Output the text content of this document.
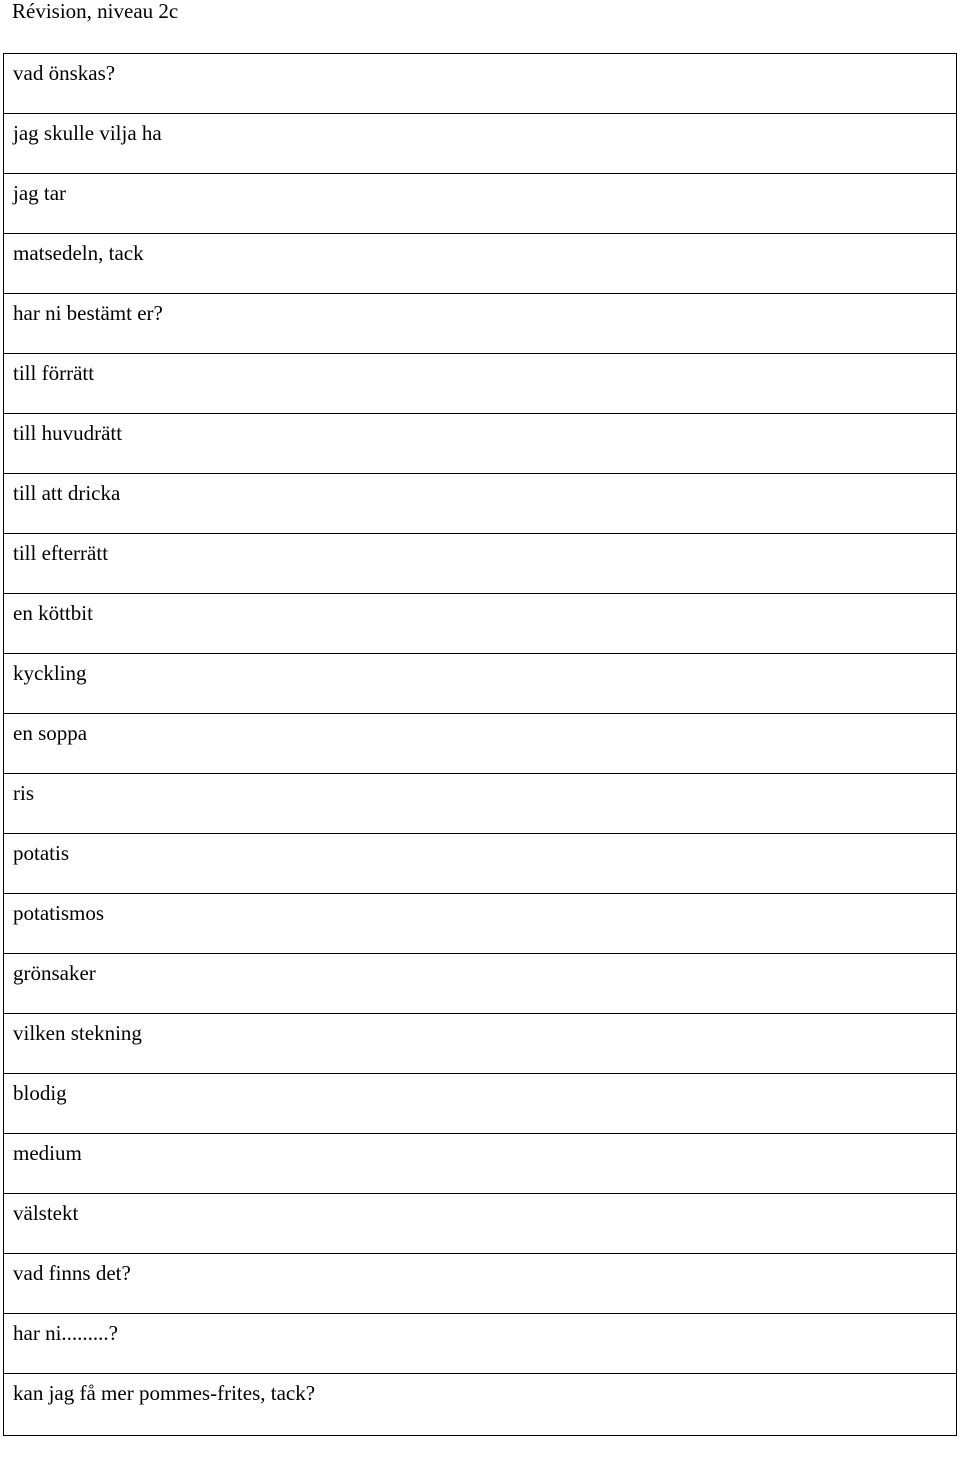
Révision, niveau 2c
vad önskas?

jag skulle vilja ha

jag tar

matsedeln, tack

har ni bestämt er?

till förrätt

till huvudrätt

till att dricka

till efterrätt

en köttbit

kyckling

en soppa

ris

potatis

potatismos

grönsaker

vilken stekning

blodig

medium

välstekt

vad finns det?

har ni.........?

kan jag få mer pommes-frites, tack?
